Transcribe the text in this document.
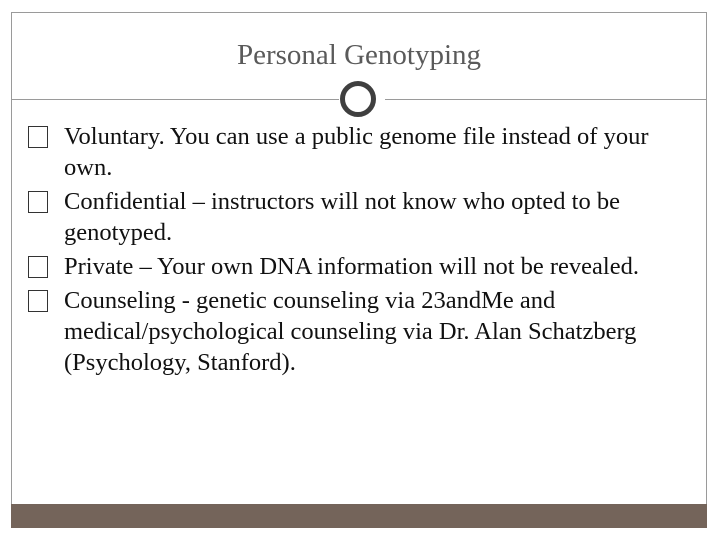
Personal Genotyping
Voluntary. You can use a public genome file instead of your own.
Confidential – instructors will not know who opted to be genotyped.
Private – Your own DNA information will not be revealed.
Counseling - genetic counseling via 23andMe and medical/psychological counseling via Dr. Alan Schatzberg (Psychology, Stanford).
